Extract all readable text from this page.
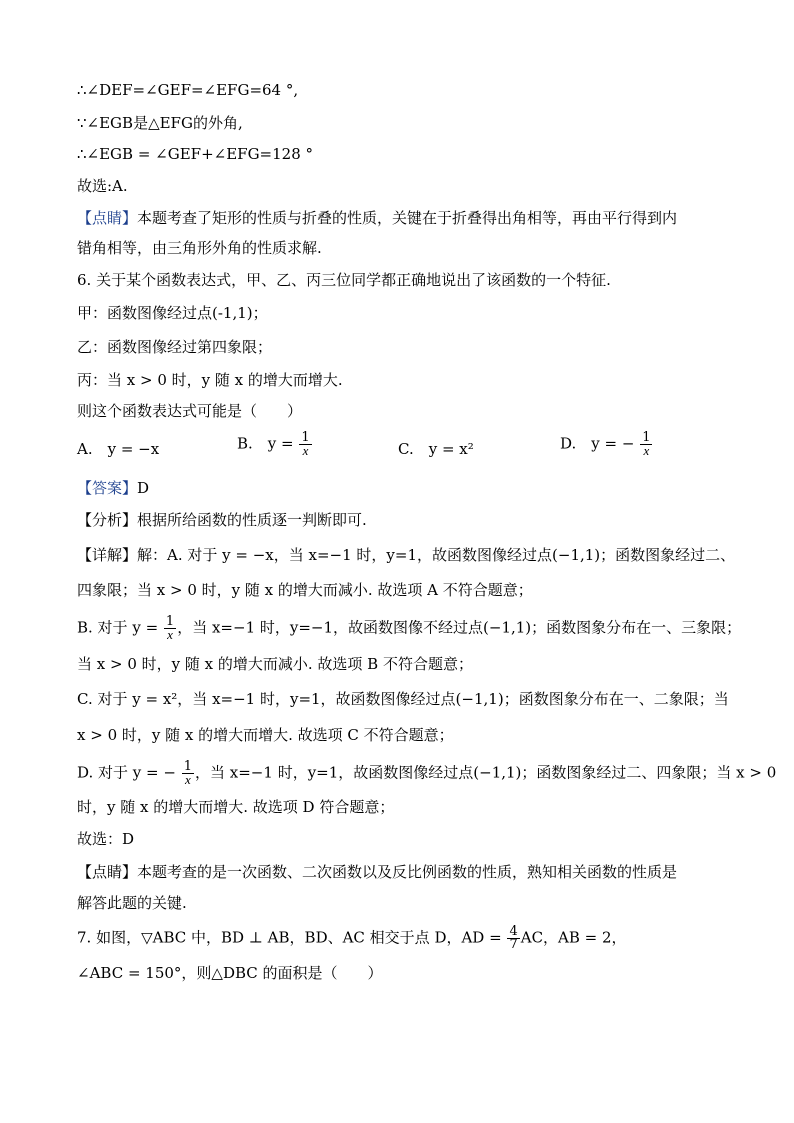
∴∠DEF=∠GEF=∠EFG=64 °,
∵∠EGB是△EFG的外角,
∴∠EGB = ∠GEF+∠EFG=128 °
故选:A.
【点睛】本题考查了矩形的性质与折叠的性质，关键在于折叠得出角相等，再由平行得到内
错角相等，由三角形外角的性质求解.
6. 关于某个函数表达式，甲、乙、丙三位同学都正确地说出了该函数的一个特征.
甲：函数图像经过点(-1,1)；
乙：函数图像经过第四象限；
丙：当 x > 0 时，y 随 x 的增大而增大.
则这个函数表达式可能是（　　）
A.　y = −x	B.　$y = \frac{1}{x}$	C.　y = x²	D.　y = − $\frac{1}{x}$
【答案】D
【分析】根据所给函数的性质逐一判断即可.
【详解】解：A. 对于 y = −x，当 x=−1 时，y=1，故函数图像经过点(−1,1)；函数图象经过二、
四象限；当 x > 0 时，y 随 x 的增大而减小. 故选项 A 不符合题意；
B. 对于 $y = \frac{1}{x}$ ，当 x=−1 时，y=−1，故函数图像不经过点(−1,1)；函数图象分布在一、三象限；
当 x > 0 时，y 随 x 的增大而减小. 故选项 B 不符合题意；
C. 对于 y = x²，当 x=−1 时，y=1，故函数图像经过点(−1,1)；函数图象分布在一、二象限；当
x > 0 时，y 随 x 的增大而增大. 故选项 C 不符合题意；
D. 对于 y = − $\frac{1}{x}$ ，当 x=−1 时，y=1，故函数图像经过点(−1,1)；函数图象经过二、四象限；当 x > 0
时，y 随 x 的增大而增大. 故选项 D 符合题意；
故选：D
【点睛】本题考查的是一次函数、二次函数以及反比例函数的性质，熟知相关函数的性质是
解答此题的关键.
7. 如图，▽ABC 中，BD ⊥ AB，BD、AC 相交于点 D，AD = $\frac{4}{7}$ AC，AB = 2，
∠ABC = 150°，则△DBC 的面积是（　　）
